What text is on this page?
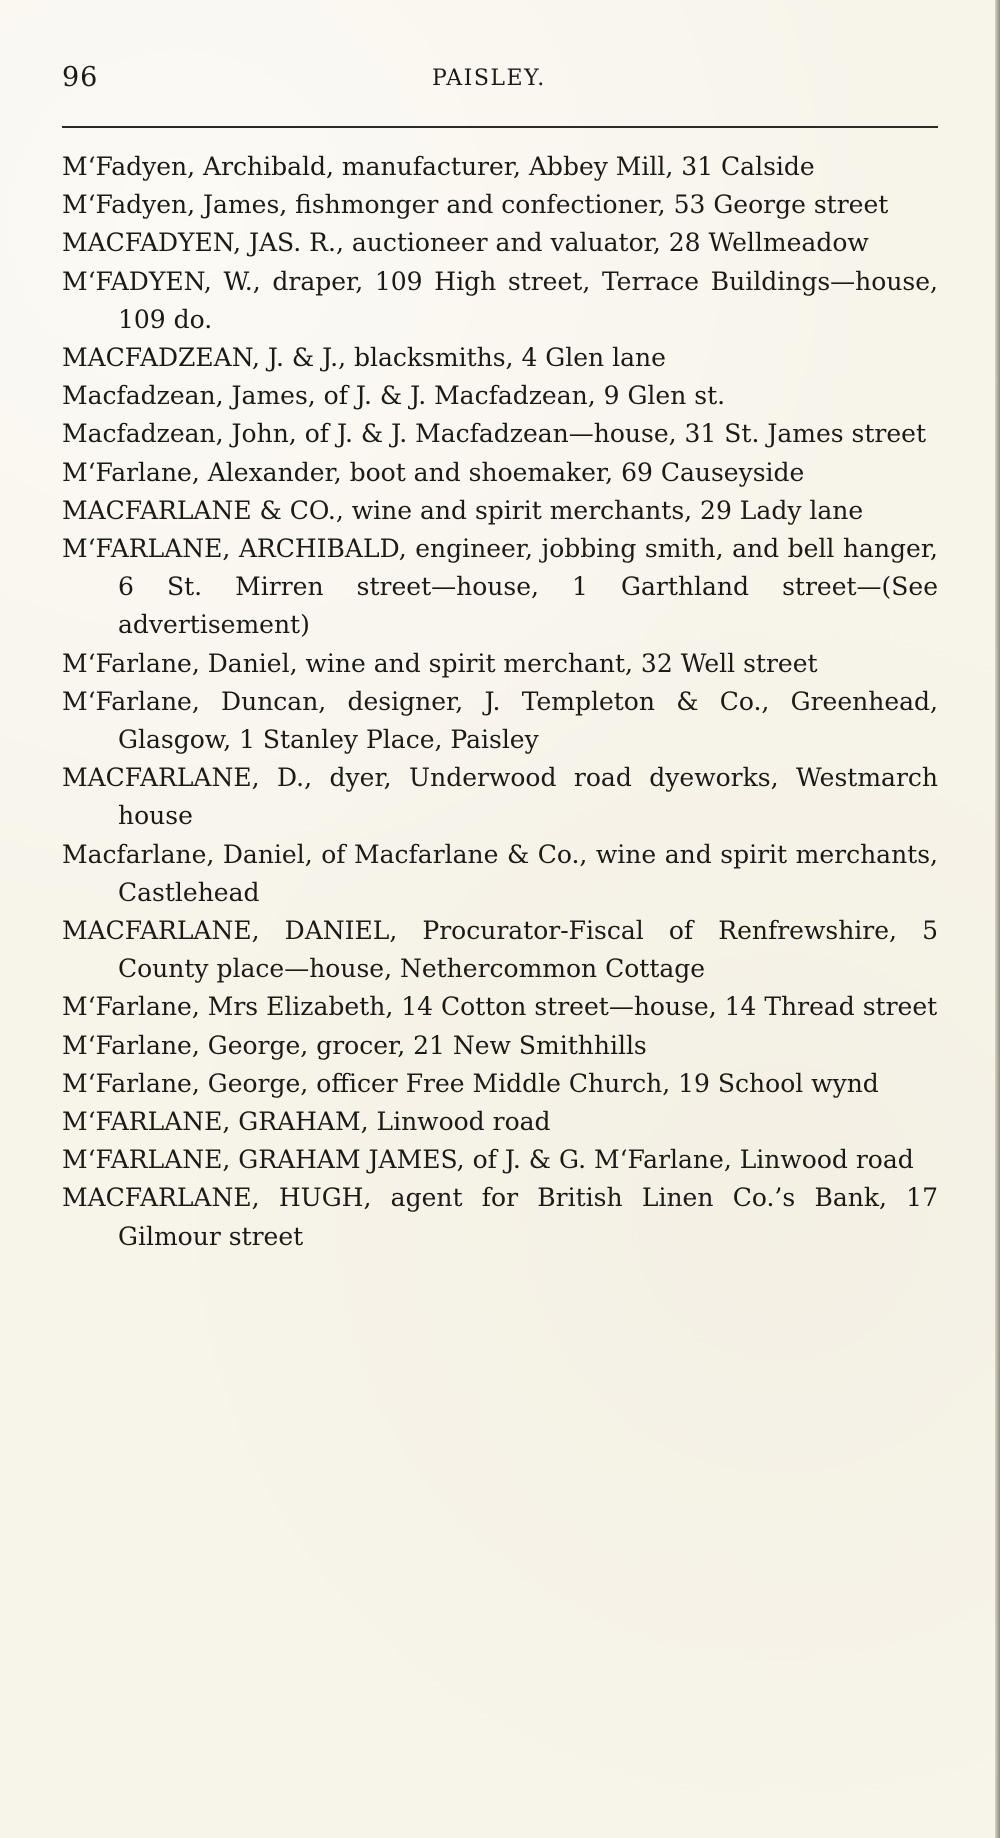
96	PAISLEY.

M‘Fadyen, Archibald, manufacturer, Abbey Mill, 31 Calside

M‘Fadyen, James, fishmonger and confectioner, 53 George street

MACFADYEN, JAS. R., auctioneer and valuator, 28 Wellmeadow

M‘FADYEN, W., draper, 109 High street, Terrace Buildings—house, 109 do.

MACFADZEAN, J. & J., blacksmiths, 4 Glen lane

Macfadzean, James, of J. & J. Macfadzean, 9 Glen st.

Macfadzean, John, of J. & J. Macfadzean—house, 31 St. James street

M‘Farlane, Alexander, boot and shoemaker, 69 Causeyside

MACFARLANE & CO., wine and spirit merchants, 29 Lady lane

M‘FARLANE, ARCHIBALD, engineer, jobbing smith, and bell hanger, 6 St. Mirren street—house, 1 Garthland street—(See advertisement)

M‘Farlane, Daniel, wine and spirit merchant, 32 Well street

M‘Farlane, Duncan, designer, J. Templeton & Co., Greenhead, Glasgow, 1 Stanley Place, Paisley

MACFARLANE, D., dyer, Underwood road dyeworks, Westmarch house

Macfarlane, Daniel, of Macfarlane & Co., wine and spirit merchants, Castlehead

MACFARLANE, DANIEL, Procurator-Fiscal of Renfrewshire, 5 County place—house, Nethercommon Cottage

M‘Farlane, Mrs Elizabeth, 14 Cotton street—house, 14 Thread street

M‘Farlane, George, grocer, 21 New Smithhills

M‘Farlane, George, officer Free Middle Church, 19 School wynd

M‘FARLANE, GRAHAM, Linwood road

M‘FARLANE, GRAHAM JAMES, of J. & G. M‘Farlane, Linwood road

MACFARLANE, HUGH, agent for British Linen Co.’s Bank, 17 Gilmour street
